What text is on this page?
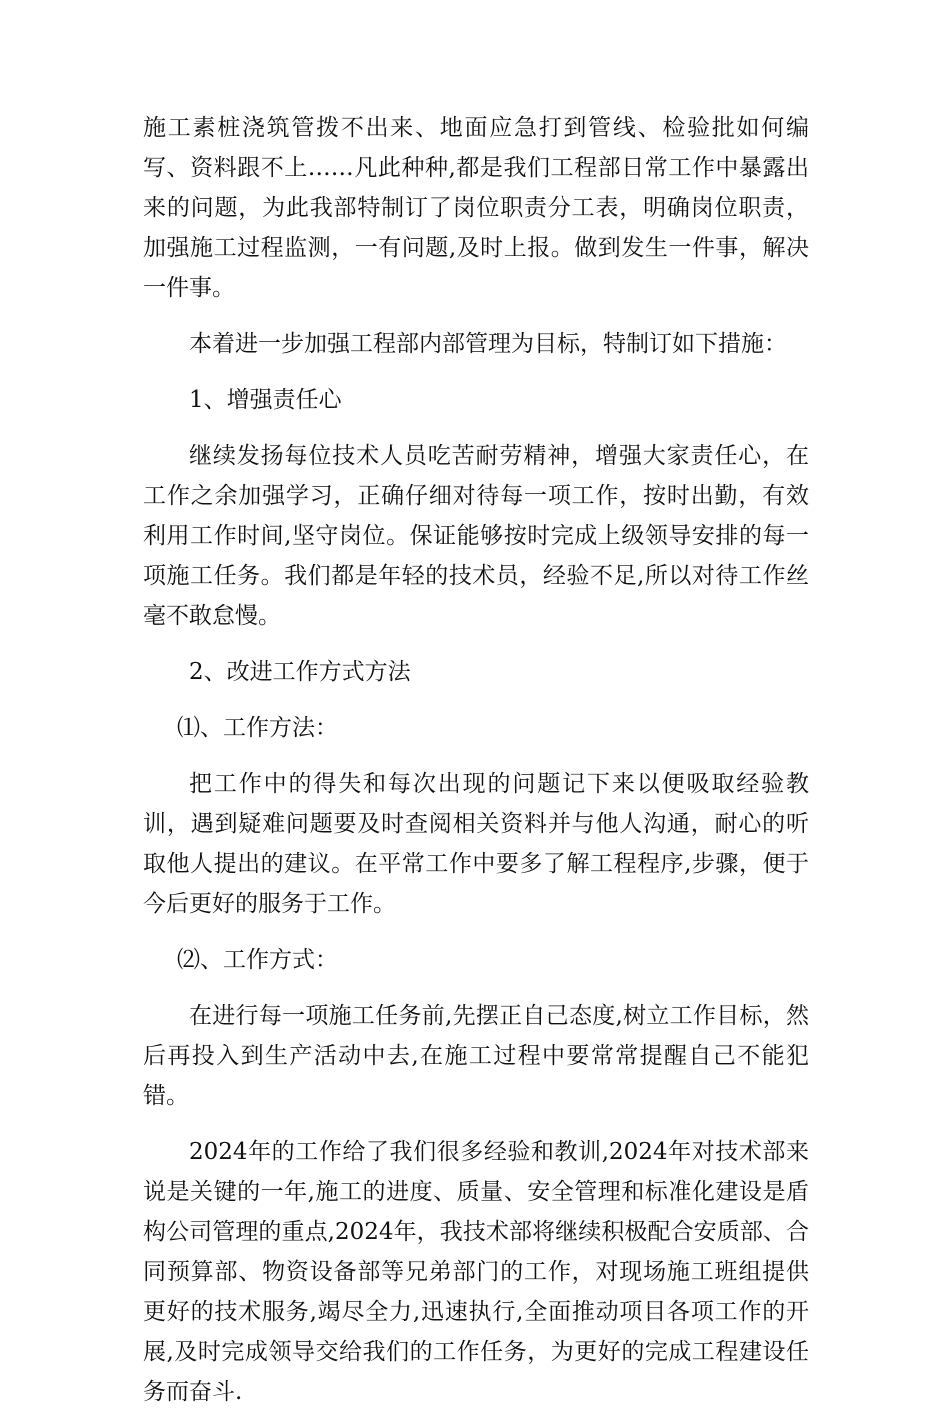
施工素桩浇筑管拨不出来、地面应急打到管线、检验批如何编写、资料跟不上……凡此种种,都是我们工程部日常工作中暴露出来的问题，为此我部特制订了岗位职责分工表，明确岗位职责，加强施工过程监测，一有问题,及时上报。做到发生一件事，解决一件事。

本着进一步加强工程部内部管理为目标，特制订如下措施：

1、增强责任心

继续发扬每位技术人员吃苦耐劳精神，增强大家责任心，在工作之余加强学习，正确仔细对待每一项工作，按时出勤，有效利用工作时间,坚守岗位。保证能够按时完成上级领导安排的每一项施工任务。我们都是年轻的技术员，经验不足,所以对待工作丝毫不敢怠慢。

2、改进工作方式方法

⑴、工作方法：

把工作中的得失和每次出现的问题记下来以便吸取经验教训，遇到疑难问题要及时查阅相关资料并与他人沟通，耐心的听取他人提出的建议。在平常工作中要多了解工程程序,步骤，便于今后更好的服务于工作。

⑵、工作方式：

在进行每一项施工任务前,先摆正自己态度,树立工作目标，然后再投入到生产活动中去,在施工过程中要常常提醒自己不能犯错。

2024年的工作给了我们很多经验和教训,2024年对技术部来说是关键的一年,施工的进度、质量、安全管理和标准化建设是盾构公司管理的重点,2024年，我技术部将继续积极配合安质部、合同预算部、物资设备部等兄弟部门的工作，对现场施工班组提供更好的技术服务,竭尽全力,迅速执行,全面推动项目各项工作的开展,及时完成领导交给我们的工作任务，为更好的完成工程建设任务而奋斗.
